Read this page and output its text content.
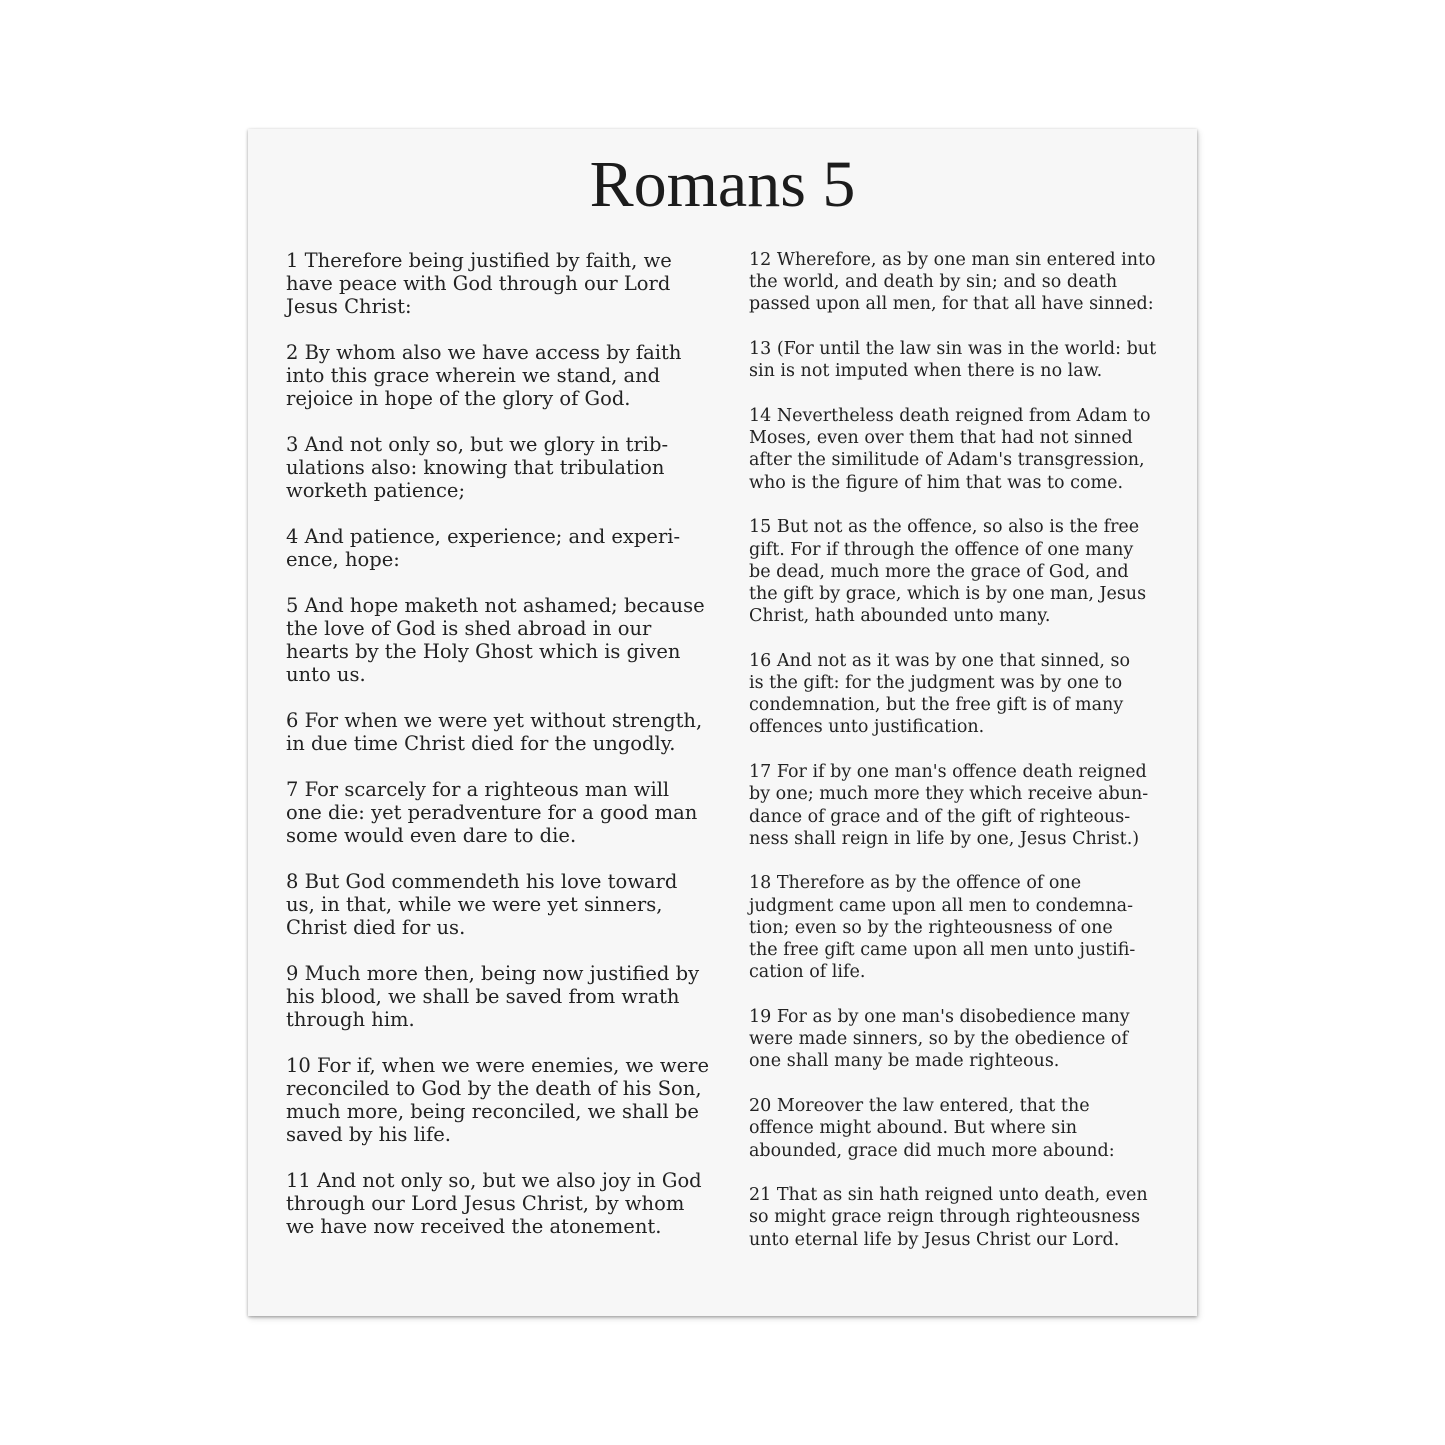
Romans 5

1 Therefore being justified by faith, we
have peace with God through our Lord
Jesus Christ:

2 By whom also we have access by faith
into this grace wherein we stand, and
rejoice in hope of the glory of God.

3 And not only so, but we glory in trib-
ulations also: knowing that tribulation
worketh patience;

4 And patience, experience; and experi-
ence, hope:

5 And hope maketh not ashamed; because
the love of God is shed abroad in our
hearts by the Holy Ghost which is given
unto us.

6 For when we were yet without strength,
in due time Christ died for the ungodly.

7 For scarcely for a righteous man will
one die: yet peradventure for a good man
some would even dare to die.

8 But God commendeth his love toward
us, in that, while we were yet sinners,
Christ died for us.

9 Much more then, being now justified by
his blood, we shall be saved from wrath
through him.

10 For if, when we were enemies, we were
reconciled to God by the death of his Son,
much more, being reconciled, we shall be
saved by his life.

11 And not only so, but we also joy in God
through our Lord Jesus Christ, by whom
we have now received the atonement.

12 Wherefore, as by one man sin entered into
the world, and death by sin; and so death
passed upon all men, for that all have sinned:

13 (For until the law sin was in the world: but
sin is not imputed when there is no law.

14 Nevertheless death reigned from Adam to
Moses, even over them that had not sinned
after the similitude of Adam's transgression,
who is the figure of him that was to come.

15 But not as the offence, so also is the free
gift. For if through the offence of one many
be dead, much more the grace of God, and
the gift by grace, which is by one man, Jesus
Christ, hath abounded unto many.

16 And not as it was by one that sinned, so
is the gift: for the judgment was by one to
condemnation, but the free gift is of many
offences unto justification.

17 For if by one man's offence death reigned
by one; much more they which receive abun-
dance of grace and of the gift of righteous-
ness shall reign in life by one, Jesus Christ.)

18 Therefore as by the offence of one
judgment came upon all men to condemna-
tion; even so by the righteousness of one
the free gift came upon all men unto justifi-
cation of life.

19 For as by one man's disobedience many
were made sinners, so by the obedience of
one shall many be made righteous.

20 Moreover the law entered, that the
offence might abound. But where sin
abounded, grace did much more abound:

21 That as sin hath reigned unto death, even
so might grace reign through righteousness
unto eternal life by Jesus Christ our Lord.
